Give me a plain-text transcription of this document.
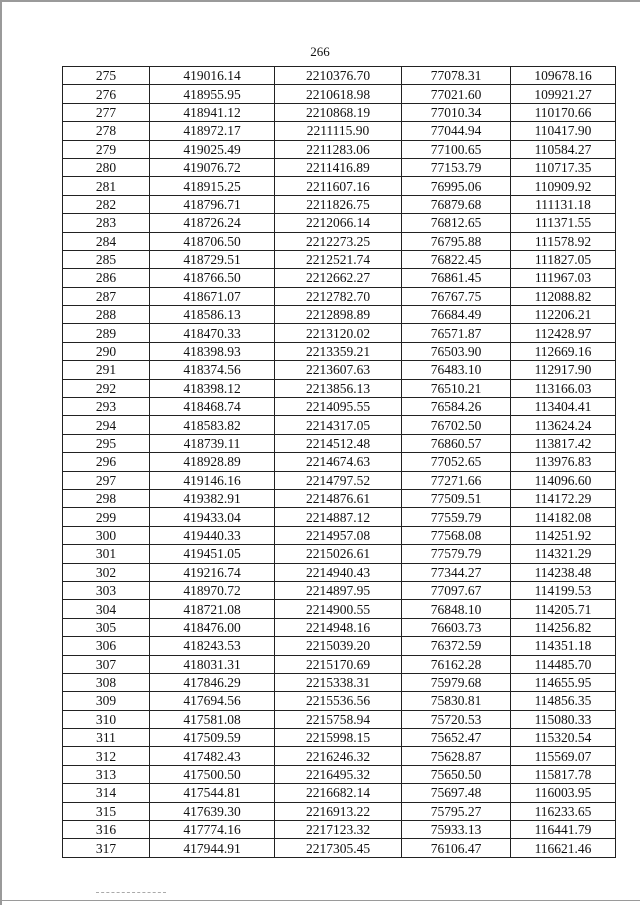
266
275	419016.14	2210376.70	77078.31	109678.16
276	418955.95	2210618.98	77021.60	109921.27
277	418941.12	2210868.19	77010.34	110170.66
278	418972.17	2211115.90	77044.94	110417.90
279	419025.49	2211283.06	77100.65	110584.27
280	419076.72	2211416.89	77153.79	110717.35
281	418915.25	2211607.16	76995.06	110909.92
282	418796.71	2211826.75	76879.68	111131.18
283	418726.24	2212066.14	76812.65	111371.55
284	418706.50	2212273.25	76795.88	111578.92
285	418729.51	2212521.74	76822.45	111827.05
286	418766.50	2212662.27	76861.45	111967.03
287	418671.07	2212782.70	76767.75	112088.82
288	418586.13	2212898.89	76684.49	112206.21
289	418470.33	2213120.02	76571.87	112428.97
290	418398.93	2213359.21	76503.90	112669.16
291	418374.56	2213607.63	76483.10	112917.90
292	418398.12	2213856.13	76510.21	113166.03
293	418468.74	2214095.55	76584.26	113404.41
294	418583.82	2214317.05	76702.50	113624.24
295	418739.11	2214512.48	76860.57	113817.42
296	418928.89	2214674.63	77052.65	113976.83
297	419146.16	2214797.52	77271.66	114096.60
298	419382.91	2214876.61	77509.51	114172.29
299	419433.04	2214887.12	77559.79	114182.08
300	419440.33	2214957.08	77568.08	114251.92
301	419451.05	2215026.61	77579.79	114321.29
302	419216.74	2214940.43	77344.27	114238.48
303	418970.72	2214897.95	77097.67	114199.53
304	418721.08	2214900.55	76848.10	114205.71
305	418476.00	2214948.16	76603.73	114256.82
306	418243.53	2215039.20	76372.59	114351.18
307	418031.31	2215170.69	76162.28	114485.70
308	417846.29	2215338.31	75979.68	114655.95
309	417694.56	2215536.56	75830.81	114856.35
310	417581.08	2215758.94	75720.53	115080.33
311	417509.59	2215998.15	75652.47	115320.54
312	417482.43	2216246.32	75628.87	115569.07
313	417500.50	2216495.32	75650.50	115817.78
314	417544.81	2216682.14	75697.48	116003.95
315	417639.30	2216913.22	75795.27	116233.65
316	417774.16	2217123.32	75933.13	116441.79
317	417944.91	2217305.45	76106.47	116621.46
